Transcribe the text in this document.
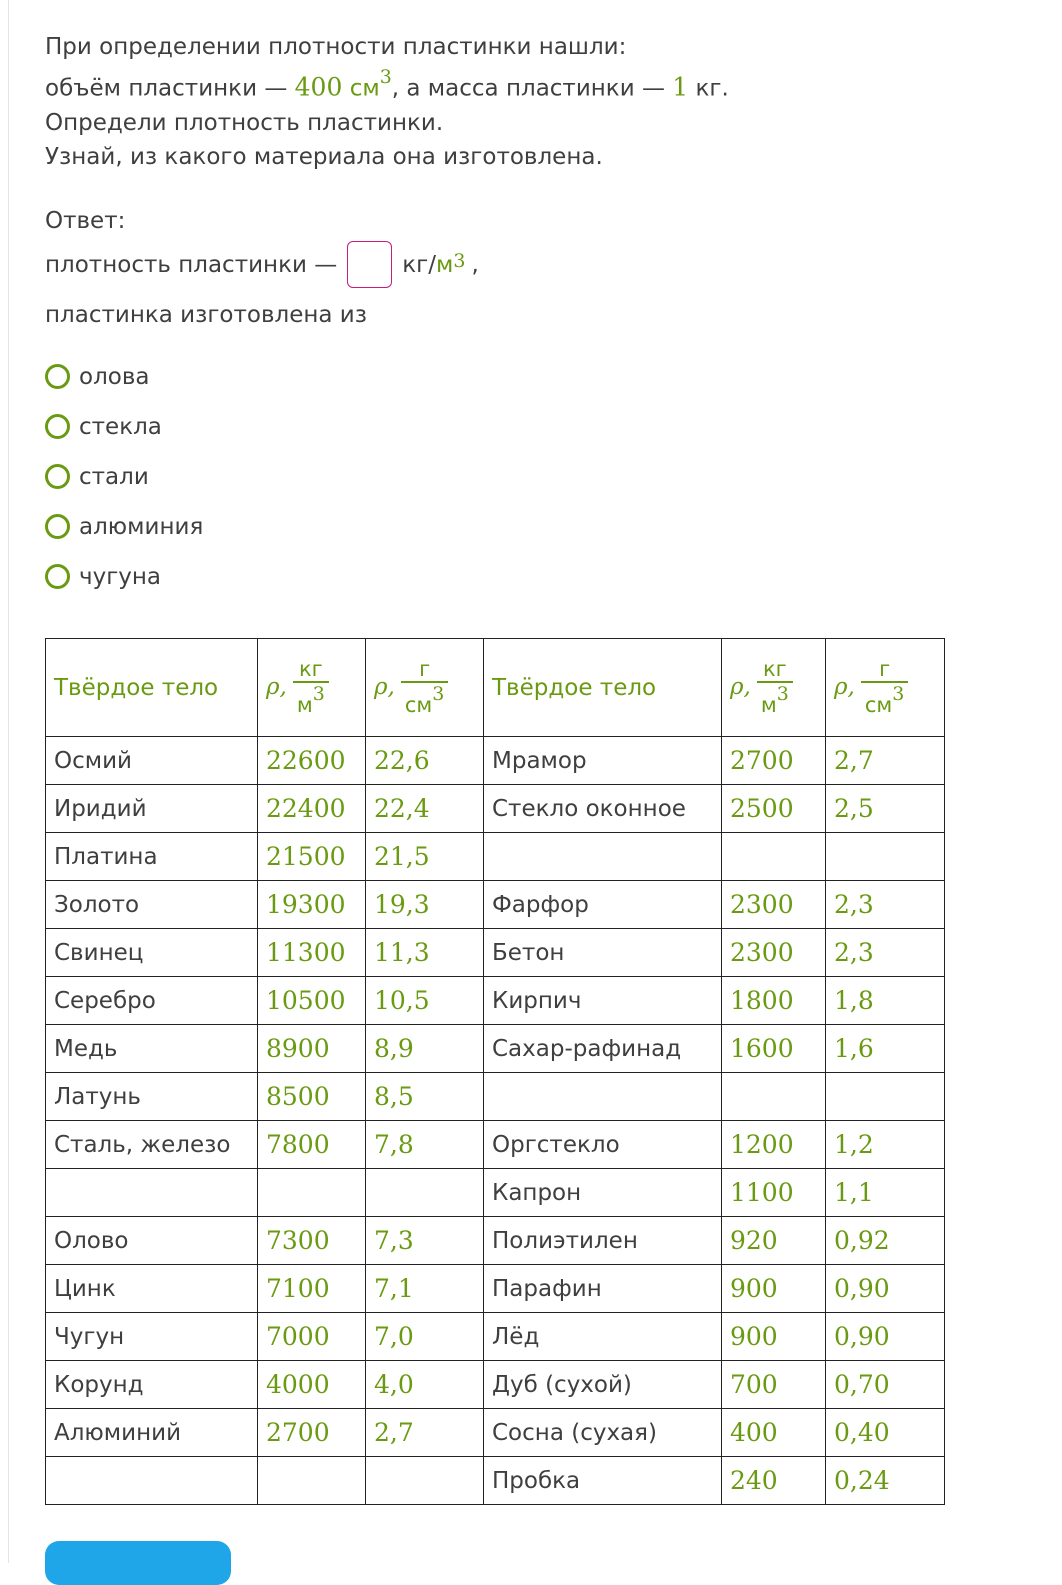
При определении плотности пластинки нашли:

объём пластинки — 400 $см^3$, а масса пластинки — 1 кг.

Определи плотность пластинки.

Узнай, из какого материала она изготовлена.

Ответ:

плотность пластинки —	кг/ $м^3$ ,

пластинка изготовлена из

олова
стекла
стали
алюминия
чугуна
Твёрдое тело	ρ, $\frac{кг}{м^3}$	ρ, $\frac{г}{см^3}$	Твёрдое тело	ρ, $\frac{кг}{м^3}$	ρ, $\frac{г}{см^3}$

Осмий	22600	22,6	Мрамор	2700	2,7
Иридий	22400	22,4	Стекло оконное	2500	2,5
Платина	21500	21,5			
Золото	19300	19,3	Фарфор	2300	2,3
Свинец	11300	11,3	Бетон	2300	2,3
Серебро	10500	10,5	Кирпич	1800	1,8
Медь	8900	8,9	Сахар-рафинад	1600	1,6
Латунь	8500	8,5			
Сталь, железо	7800	7,8	Оргстекло	1200	1,2
			Капрон	1100	1,1
Олово	7300	7,3	Полиэтилен	920	0,92
Цинк	7100	7,1	Парафин	900	0,90
Чугун	7000	7,0	Лёд	900	0,90
Корунд	4000	4,0	Дуб (сухой)	700	0,70
Алюминий	2700	2,7	Сосна (сухая)	400	0,40
			Пробка	240	0,24
